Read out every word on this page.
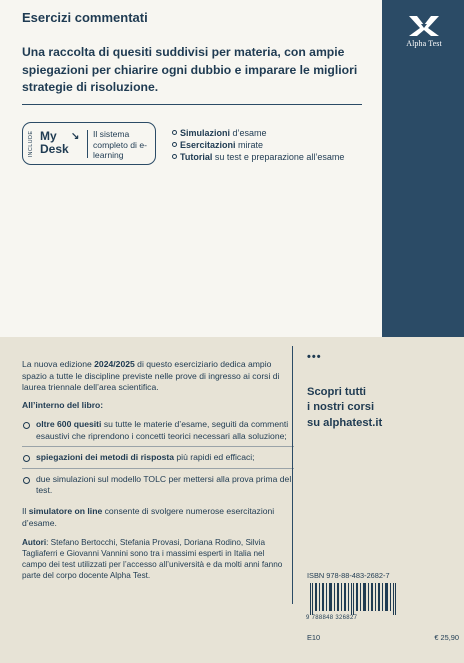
Alpha Test
Esercizi commentati
Una raccolta di quesiti suddivisi per materia, con ampie spiegazioni per chiarire ogni dubbio e imparare le migliori strategie di risoluzione.
INCLUDE My
Desk
↘ Il sistema completo di e-learning
Simulazioni d’esame
Esercitazioni mirate
Tutorial su test e preparazione all’esame
La nuova edizione 2024/2025 di questo eserciziario dedica ampio spazio a tutte le discipline previste nelle prove di ingresso ai corsi di laurea triennale dell’area scientifica.
All’interno del libro:
oltre 600 quesiti su tutte le materie d’esame, seguiti da commenti esaustivi che riprendono i concetti teorici necessari alla soluzione;
spiegazioni dei metodi di risposta più rapidi ed efficaci;
due simulazioni sul modello TOLC per mettersi alla prova prima del test.
Il simulatore on line consente di svolgere numerose esercitazioni d’esame.
Autori: Stefano Bertocchi, Stefania Provasi, Doriana Rodino, Silvia Tagliaferri e Giovanni Vannini sono tra i massimi esperti in Italia nel campo dei test utilizzati per l’accesso all’università e da molti anni fanno parte del corpo docente Alpha Test.
•••
Scopri tutti
i nostri corsi
su alphatest.it
ISBN 978-88-483-2682-7
9 788848 326827
E10	€ 25,90
